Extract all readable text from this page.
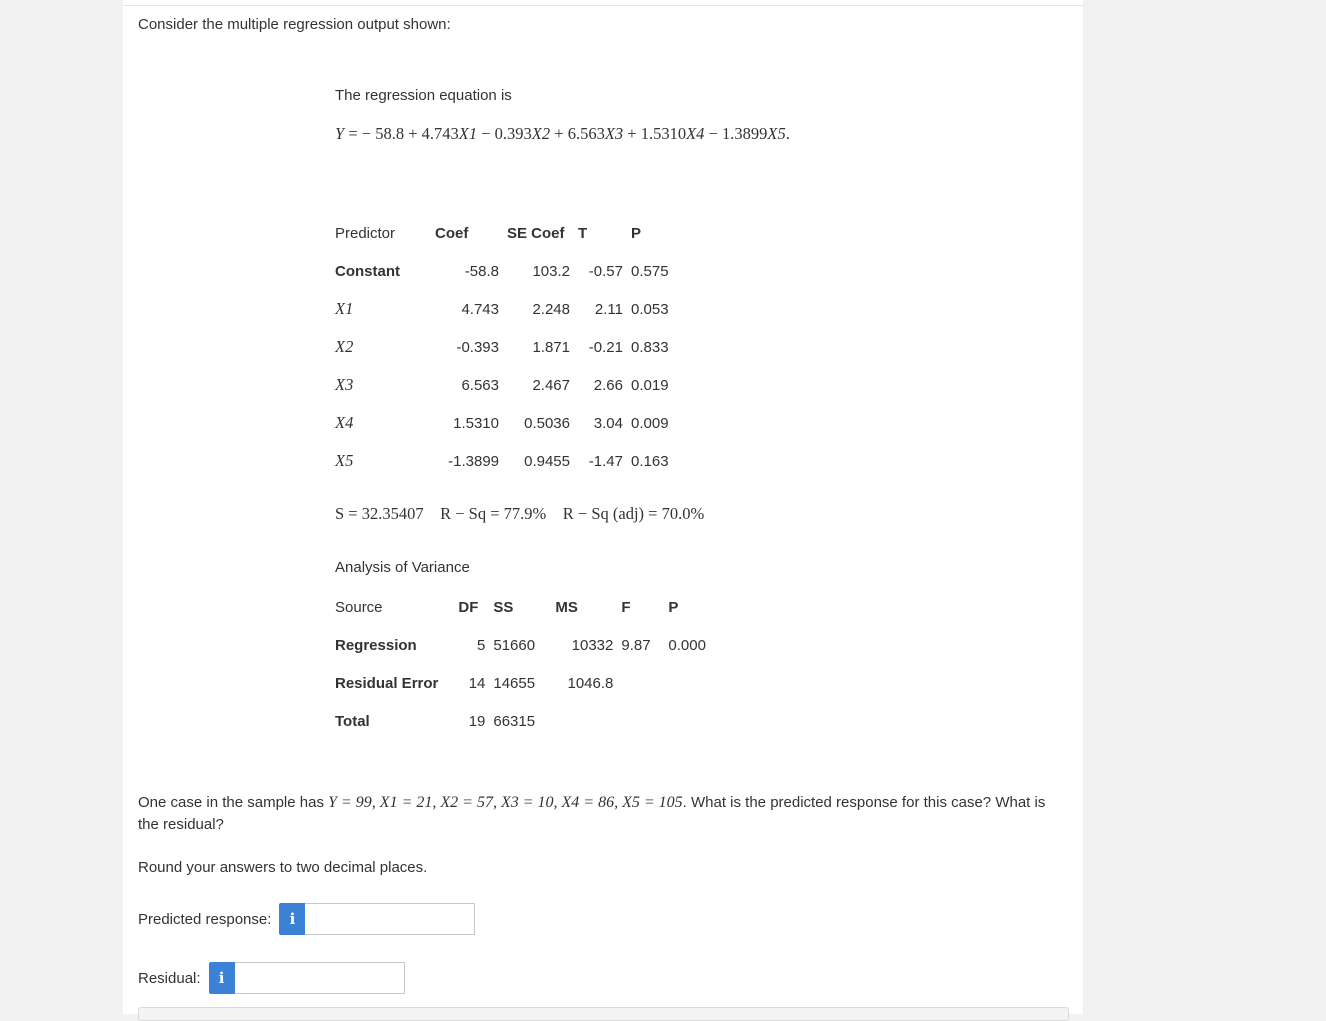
Consider the multiple regression output shown:
The regression equation is
Y = − 58.8 + 4.743X1 − 0.393X2 + 6.563X3 + 1.5310X4 − 1.3899X5.
Predictor	Coef	SE Coef	T	P
Constant	-58.8	103.2	-0.57	0.575
X1	4.743	2.248	2.11	0.053
X2	-0.393	1.871	-0.21	0.833
X3	6.563	2.467	2.66	0.019
X4	1.5310	0.5036	3.04	0.009
X5	-1.3899	0.9455	-1.47	0.163
S = 32.35407 R − Sq = 77.9% R − Sq (adj) = 70.0%
Analysis of Variance
Source	DF	SS	MS	F	P
Regression	5	51660	10332	9.87	0.000
Residual Error	14	14655	1046.8		
Total	19	66315			
One case in the sample has Y = 99, X1 = 21, X2 = 57, X3 = 10, X4 = 86, X5 = 105. What is the predicted response for this case? What is the residual?
Round your answers to two decimal places.
Predicted response:	i
Residual:	i
